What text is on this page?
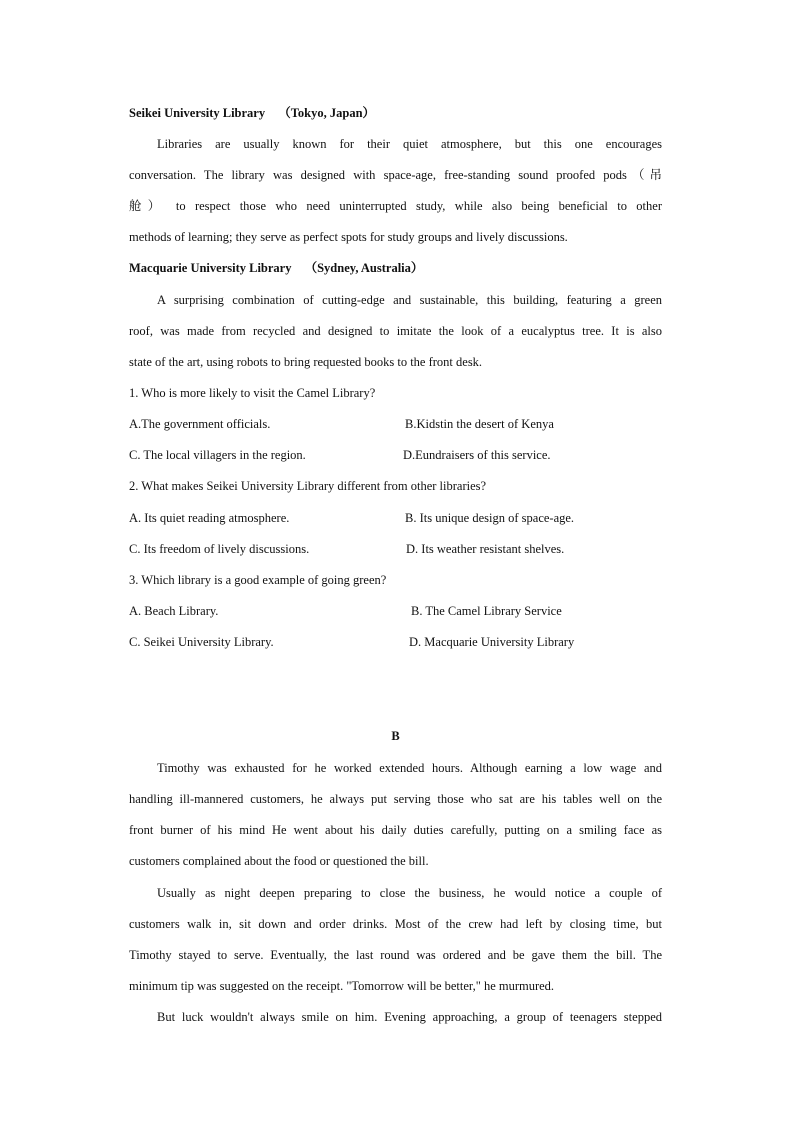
Seikei University Library （Tokyo, Japan）
Libraries are usually known for their quiet atmosphere, but this one encourages
conversation. The library was designed with space-age, free-standing sound proofed pods（吊
舱） to respect those who need uninterrupted study, while also being beneficial to other
methods of learning; they serve as perfect spots for study groups and lively discussions.
Macquarie University Library （Sydney, Australia）
A surprising combination of cutting-edge and sustainable, this building, featuring a green
roof, was made from recycled and designed to imitate the look of a eucalyptus tree. It is also
state of the art, using robots to bring requested books to the front desk.
1. Who is more likely to visit the Camel Library?
A.The government officials.	B.Kidstin the desert of Kenya
C. The local villagers in the region.	D.Eundraisers of this service.
2. What makes Seikei University Library different from other libraries?
A. Its quiet reading atmosphere.	B. Its unique design of space-age.
C. Its freedom of lively discussions.	D. Its weather resistant shelves.
3. Which library is a good example of going green?
A. Beach Library.	B. The Camel Library Service
C. Seikei University Library.	D. Macquarie University Library
B
Timothy was exhausted for he worked extended hours. Although earning a low wage and
handling ill-mannered customers, he always put serving those who sat are his tables well on the
front burner of his mind He went about his daily duties carefully, putting on a smiling face as
customers complained about the food or questioned the bill.
Usually as night deepen preparing to close the business, he would notice a couple of
customers walk in, sit down and order drinks. Most of the crew had left by closing time, but
Timothy stayed to serve. Eventually, the last round was ordered and be gave them the bill. The
minimum tip was suggested on the receipt. "Tomorrow will be better," he murmured.
But luck wouldn't always smile on him. Evening approaching, a group of teenagers stepped
